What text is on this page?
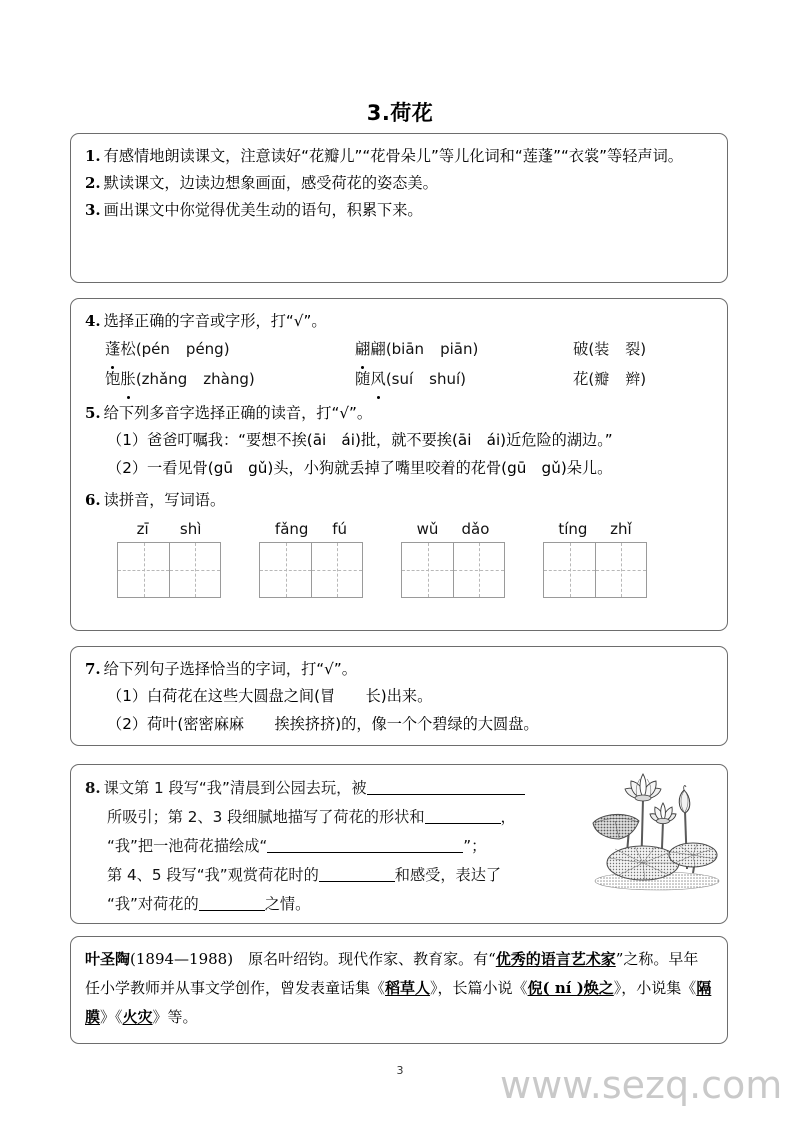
3.荷花
1. 有感情地朗读课文，注意读好“花瓣儿”“花骨朵儿”等儿化词和“莲蓬”“衣裳”等轻声词。
2. 默读课文，边读边想象画面，感受荷花的姿态美。
3. 画出课文中你觉得优美生动的语句，积累下来。
4. 选择正确的字音或字形，打“√”。
蓬松(pén péng)	翩翩(biān piān)	破(装 裂)
饱胀(zhǎng zhàng)	随风(suí shuí)	花(瓣 辫)
5. 给下列多音字选择正确的读音，打“√”。
（1）爸爸叮嘱我：“要想不挨(āi　ái)批，就不要挨(āi　ái)近危险的湖边。”
（2）一看见骨(gū　gǔ)头，小狗就丢掉了嘴里咬着的花骨(gū　gǔ)朵儿。
6. 读拼音，写词语。
zī shì	fǎng fú	wǔ dǎo	tíng zhǐ
7. 给下列句子选择恰当的字词，打“√”。
（1）白荷花在这些大圆盘之间(冒　　长)出来。
（2）荷叶(密密麻麻　　挨挨挤挤)的，像一个个碧绿的大圆盘。
8. 课文第 1 段写“我”清晨到公园去玩，被
所吸引；第 2、3 段细腻地描写了荷花的形状和	，
“我”把一池荷花描绘成“	”；
第 4、5 段写“我”观赏荷花时的	和感受，表达了
“我”对荷花的	之情。
叶圣陶(1894—1988)　原名叶绍钧。现代作家、教育家。有“优秀的语言艺术家”之称。早年任小学教师并从事文学创作，曾发表童话集《稻草人》，长篇小说《倪( ní )焕之》，小说集《隔膜》《火灾》等。
3	www.sezq.com
